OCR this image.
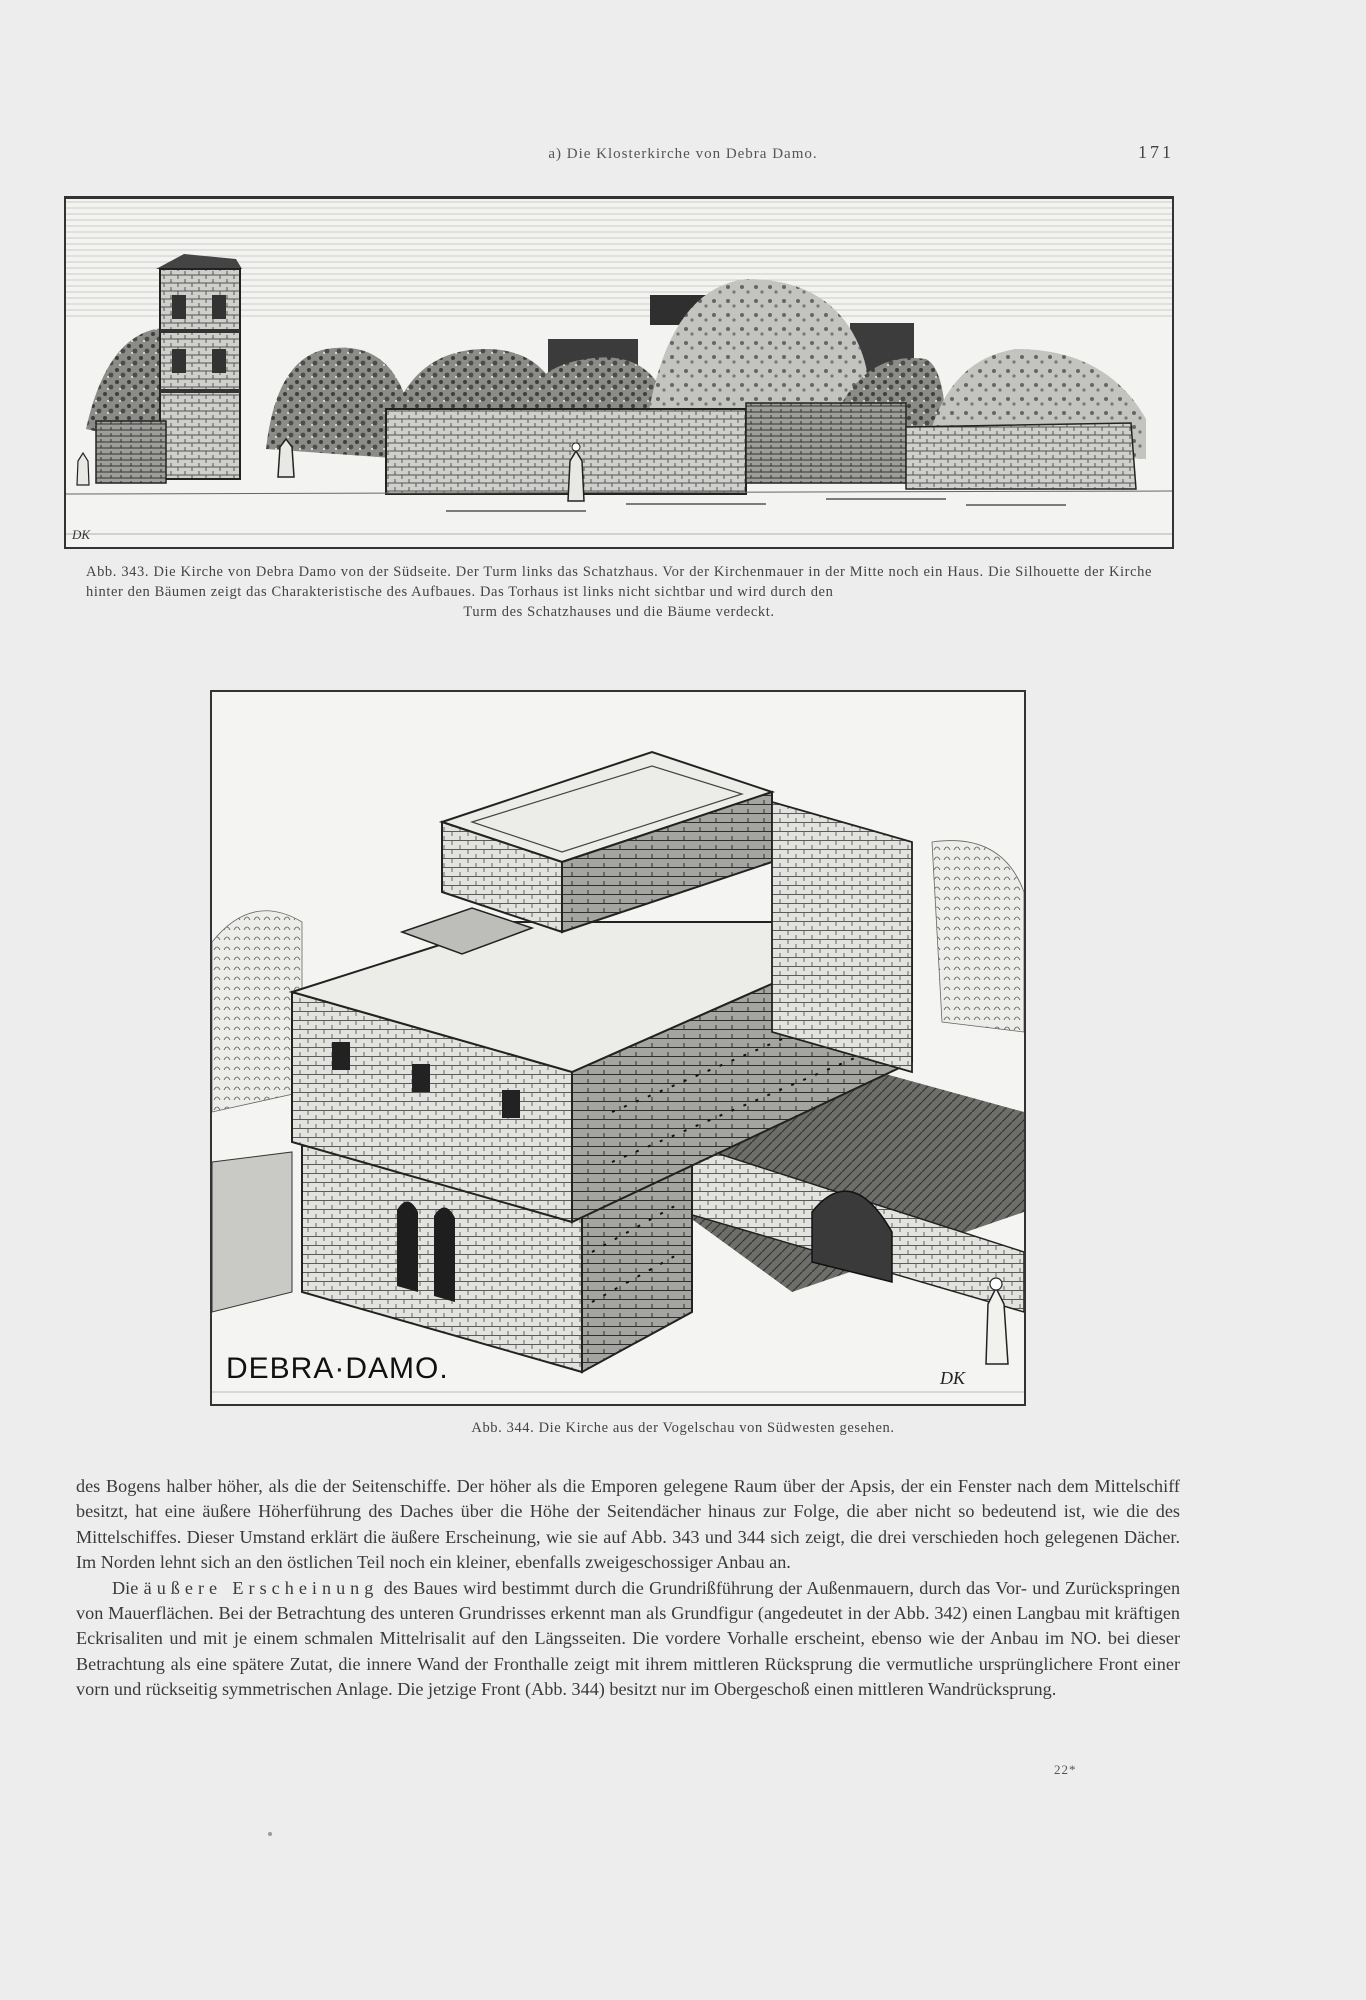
a) Die Klosterkirche von Debra Damo.	171
DK
Abb. 343. Die Kirche von Debra Damo von der Südseite. Der Turm links das Schatzhaus. Vor der Kirchenmauer in der Mitte noch ein Haus. Die Silhouette der Kirche hinter den Bäumen zeigt das Charakteristische des Aufbaues. Das Torhaus ist links nicht sichtbar und wird durch den
Turm des Schatzhauses und die Bäume verdeckt.
DEBRA·DAMO.	DK
Abb. 344. Die Kirche aus der Vogelschau von Südwesten gesehen.

des Bogens halber höher, als die der Seitenschiffe. Der höher als die Emporen gelegene Raum über der Apsis, der ein Fenster nach dem Mittelschiff besitzt, hat eine äußere Höherführung des Daches über die Höhe der Seitendächer hinaus zur Folge, die aber nicht so bedeutend ist, wie die des Mittelschiffes. Dieser Umstand erklärt die äußere Erscheinung, wie sie auf Abb. 343 und 344 sich zeigt, die drei verschieden hoch gelegenen Dächer. Im Norden lehnt sich an den östlichen Teil noch ein kleiner, ebenfalls zweigeschossiger Anbau an.

Die äußere Erscheinung des Baues wird bestimmt durch die Grundrißführung der Außenmauern, durch das Vor- und Zurückspringen von Mauerflächen. Bei der Betrachtung des unteren Grundrisses erkennt man als Grundfigur (angedeutet in der Abb. 342) einen Langbau mit kräftigen Eckrisaliten und mit je einem schmalen Mittelrisalit auf den Längsseiten. Die vordere Vorhalle erscheint, ebenso wie der Anbau im NO. bei dieser Betrachtung als eine spätere Zutat, die innere Wand der Fronthalle zeigt mit ihrem mittleren Rücksprung die vermutliche ursprünglichere Front einer vorn und rückseitig symmetrischen Anlage. Die jetzige Front (Abb. 344) besitzt nur im Obergeschoß einen mittleren Wandrücksprung.

22*
